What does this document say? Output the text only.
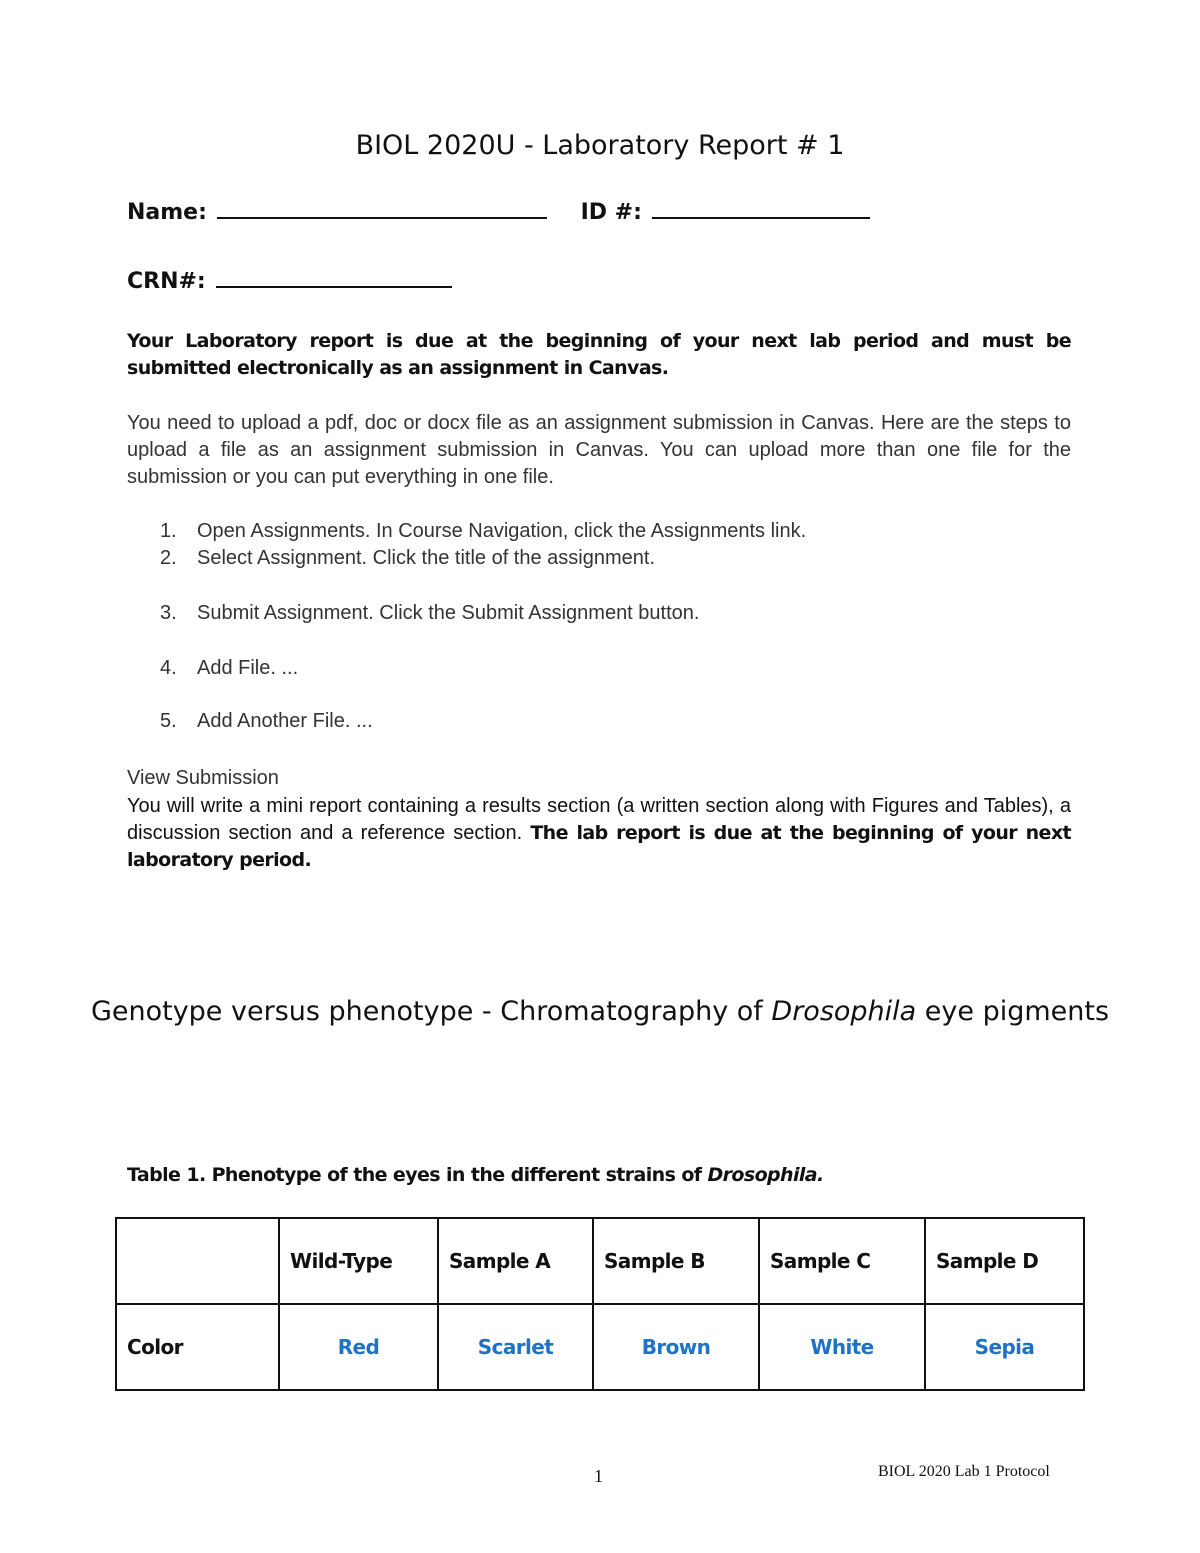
BIOL 2020U - Laboratory Report # 1
Name:	ID #:
CRN#:
Your Laboratory report is due at the beginning of your next lab period and must be submitted electronically as an assignment in Canvas.
You need to upload a pdf, doc or docx file as an assignment submission in Canvas. Here are the steps to upload a file as an assignment submission in Canvas. You can upload more than one file for the submission or you can put everything in one file.
1. Open Assignments. In Course Navigation, click the Assignments link.
2. Select Assignment. Click the title of the assignment.
3. Submit Assignment. Click the Submit Assignment button.
4. Add File. ...
5. Add Another File. ...
View Submission
You will write a mini report containing a results section (a written section along with Figures and Tables), a discussion section and a reference section. The lab report is due at the beginning of your next laboratory period.
Genotype versus phenotype - Chromatography of Drosophila eye pigments
Table 1. Phenotype of the eyes in the different strains of Drosophila.
	Wild-Type	Sample A	Sample B	Sample C	Sample D
Color	Red	Scarlet	Brown	White	Sepia
1	BIOL 2020 Lab 1 Protocol
